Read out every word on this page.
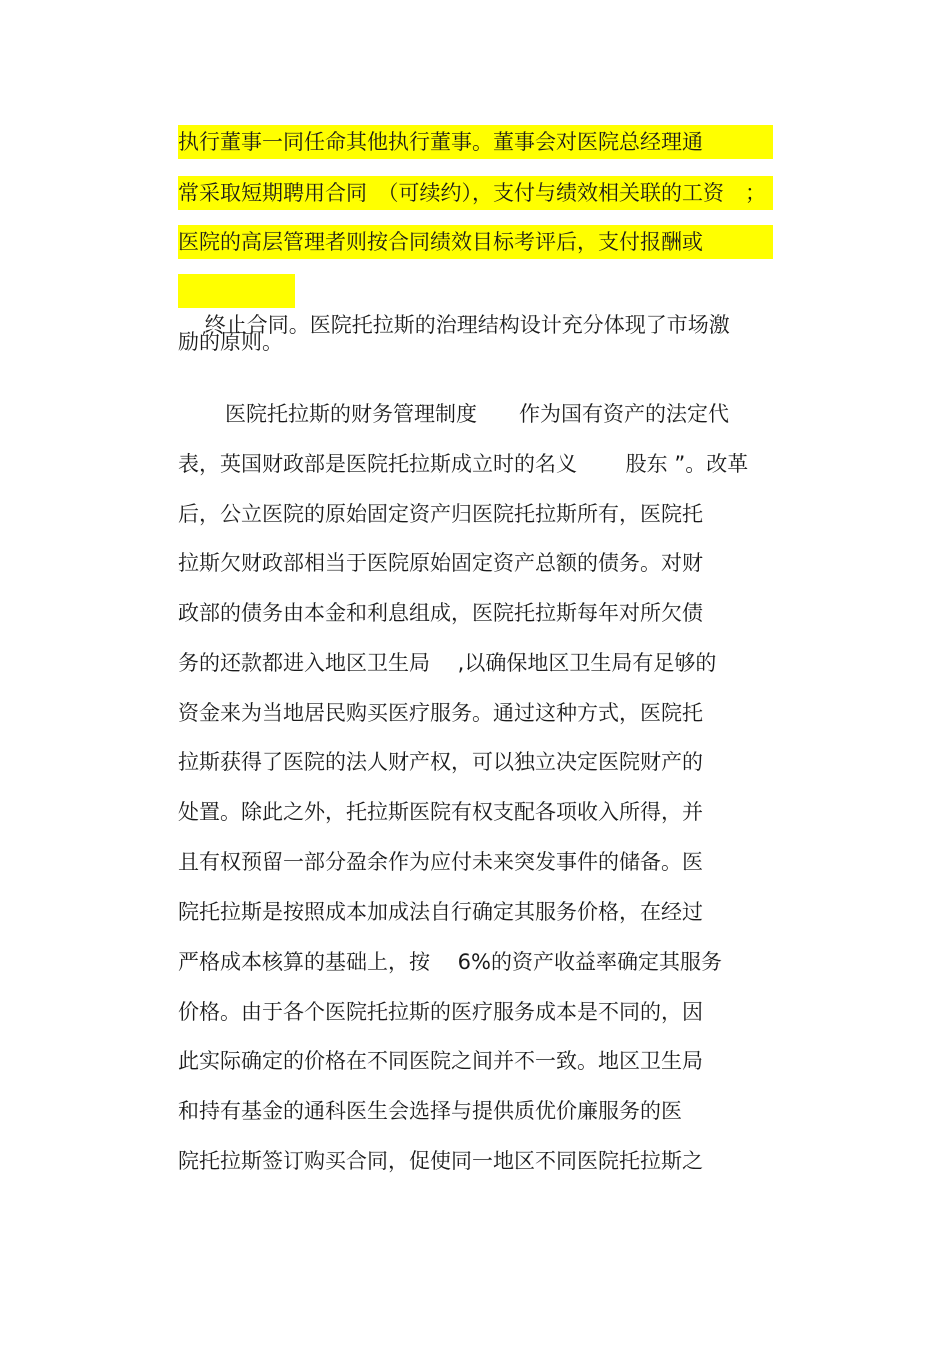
执行董事一同任命其他执行董事。董事会对医院总经理通
常采取短期聘用合同　（可续约），支付与绩效相关联的工资　；
医院的高层管理者则按合同绩效目标考评后，支付报酬或

终止合同。医院托拉斯的治理结构设计充分体现了市场激

励的原则。
医院托拉斯的财务管理制度　　作为国有资产的法定代
表，英国财政部是医院托拉斯成立时的名义　　 股东 ”。改革
后，公立医院的原始固定资产归医院托拉斯所有，医院托
拉斯欠财政部相当于医院原始固定资产总额的债务。对财
政部的债务由本金和利息组成，医院托拉斯每年对所欠债
务的还款都进入地区卫生局　 ,以确保地区卫生局有足够的
资金来为当地居民购买医疗服务。通过这种方式，医院托
拉斯获得了医院的法人财产权，可以独立决定医院财产的
处置。除此之外，托拉斯医院有权支配各项收入所得，并
且有权预留一部分盈余作为应付未来突发事件的储备。医
院托拉斯是按照成本加成法自行确定其服务价格，在经过
严格成本核算的基础上，按　 6%的资产收益率确定其服务
价格。由于各个医院托拉斯的医疗服务成本是不同的，因
此实际确定的价格在不同医院之间并不一致。地区卫生局
和持有基金的通科医生会选择与提供质优价廉服务的医
院托拉斯签订购买合同，促使同一地区不同医院托拉斯之
